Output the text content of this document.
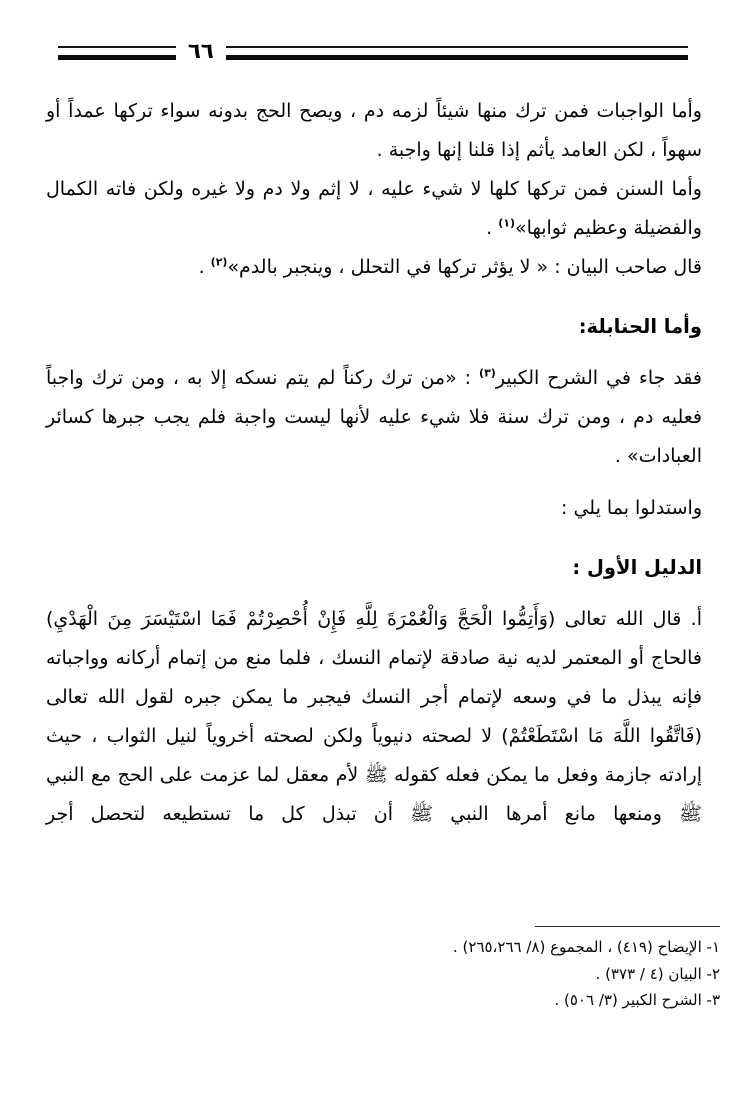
٦٦

وأما الواجبات فمن ترك منها شيئاً لزمه دم ، ويصح الحج بدونه سواء تركها عمداً أو سهواً ، لكن العامد يأثم إذا قلنا إنها واجبة .

وأما السنن فمن تركها كلها لا شيء عليه ، لا إثم ولا دم ولا غيره ولكن فاته الكمال والفضيلة وعظيم ثوابها»$^{(١)}$ .

قال صاحب البيان : « لا يؤثر تركها في التحلل ، وينجبر بالدم»$^{(٢)}$ .

وأما الحنابلة:

فقد جاء في الشرح الكبير$^{(٣)}$ : «من ترك ركناً لم يتم نسكه إلا به ، ومن ترك واجباً فعليه دم ، ومن ترك سنة فلا شيء عليه لأنها ليست واجبة فلم يجب جبرها كسائر العبادات» .

واستدلوا بما يلي :

الدليل الأول :

أ. قال الله تعالى (وَأَتِمُّوا الْحَجَّ وَالْعُمْرَةَ لِلَّهِ فَإِنْ أُحْصِرْتُمْ فَمَا اسْتَيْسَرَ مِنَ الْهَدْيِ) فالحاج أو المعتمر لديه نية صادقة لإتمام النسك ، فلما منع من إتمام أركانه وواجباته فإنه يبذل ما في وسعه لإتمام أجر النسك فيجبر ما يمكن جبره لقول الله تعالى (فَاتَّقُوا اللَّهَ مَا اسْتَطَعْتُمْ) لا لصحته دنيوياً ولكن لصحته أخروياً لنيل الثواب ، حيث إرادته جازمة وفعل ما يمكن فعله كقوله ﷺ لأم معقل لما عزمت على الحج مع النبي ﷺ ومنعها مانع أمرها النبي ﷺ أن تبذل كل ما تستطيعه لتحصل أجر

١- الإيضاح (٤١٩) ، المجموع (٨/ ٢٦٥،٢٦٦) .
٢- البيان (٤ / ٣٧٣) .
٣- الشرح الكبير (٣/ ٥٠٦) .
